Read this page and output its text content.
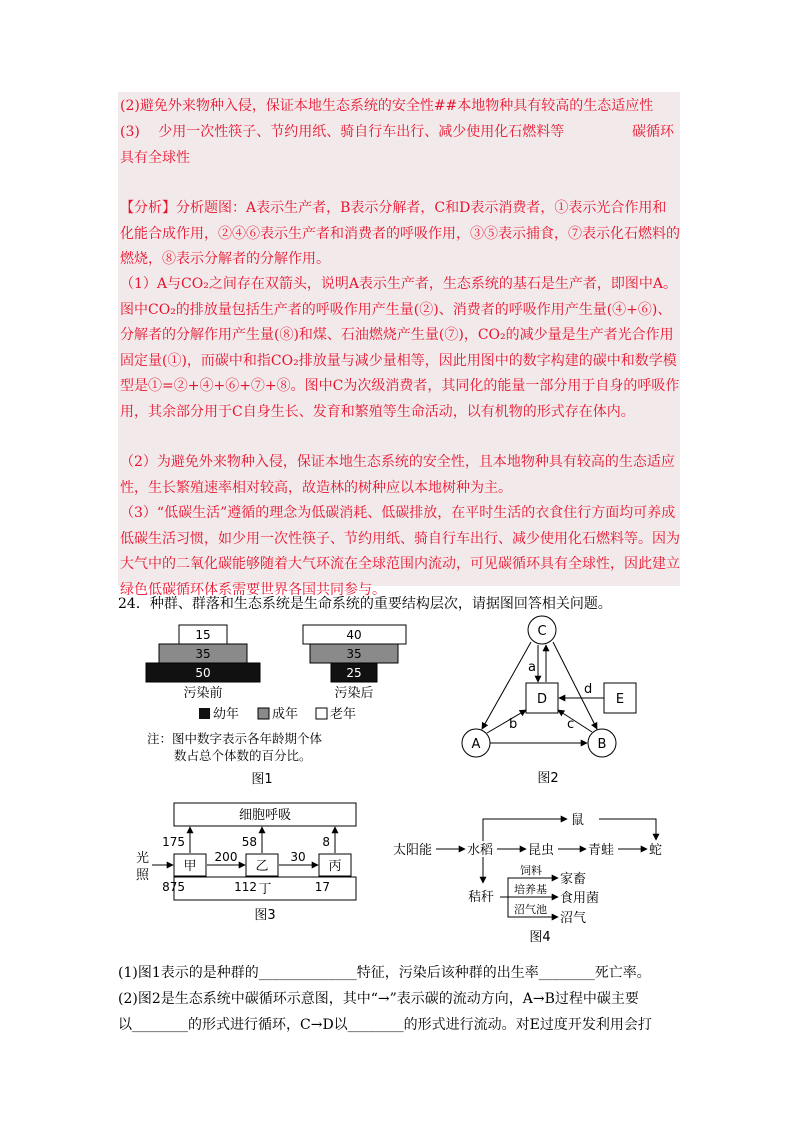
(2)避免外来物种入侵，保证本地生态系统的安全性##本地物种具有较高的生态适应性
(3)　 少用一次性筷子、节约用纸、骑自行车出行、减少使用化石燃料等	碳循环
具有全球性
【分析】分析题图：A表示生产者，B表示分解者，C和D表示消费者，①表示光合作用和化能合成作用，②④⑥表示生产者和消费者的呼吸作用，③⑤表示捕食，⑦表示化石燃料的燃烧，⑧表示分解者的分解作用。
（1）A与CO₂之间存在双箭头，说明A表示生产者，生态系统的基石是生产者，即图中A。图中CO₂的排放量包括生产者的呼吸作用产生量(②)、消费者的呼吸作用产生量(④+⑥)、分解者的分解作用产生量(⑧)和煤、石油燃烧产生量(⑦)，CO₂的减少量是生产者光合作用固定量(①)，而碳中和指CO₂排放量与减少量相等，因此用图中的数字构建的碳中和数学模型是①=②+④+⑥+⑦+⑧。图中C为次级消费者，其同化的能量一部分用于自身的呼吸作用，其余部分用于C自身生长、发育和繁殖等生命活动，以有机物的形式存在体内。
（2）为避免外来物种入侵，保证本地生态系统的安全性，且本地物种具有较高的生态适应性，生长繁殖速率相对较高，故造林的树种应以本地树种为主。
（3）“低碳生活”遵循的理念为低碳消耗、低碳排放，在平时生活的衣食住行方面均可养成低碳生活习惯，如少用一次性筷子、节约用纸、骑自行车出行、减少使用化石燃料等。因为大气中的二氧化碳能够随着大气环流在全球范围内流动，可见碳循环具有全球性，因此建立绿色低碳循环体系需要世界各国共同参与。
24．种群、群落和生态系统是生命系统的重要结构层次，请据图回答相关问题。
15
35
50
污染前
40
35
25
污染后
幼年	成年 老年
注：图中数字表示各年龄期个体
数占总个体数的百分比。
图1
C
D	E
A	B
a
d
b	c
图2
细胞呼吸
丁
甲	乙	丙
光
照
200	30
175	58	8
875	112	17
图3
太阳能	水稻	昆虫	青蛙	蛇
鼠
秸秆
饲料
家畜
培养基
食用菌
沼气池
沼气
图4
(1)图1表示的是种群的______________特征，污染后该种群的出生率________死亡率。
(2)图2是生态系统中碳循环示意图，其中“→”表示碳的流动方向，A→B过程中碳主要
以________的形式进行循环，C→D以________的形式进行流动。对E过度开发利用会打
